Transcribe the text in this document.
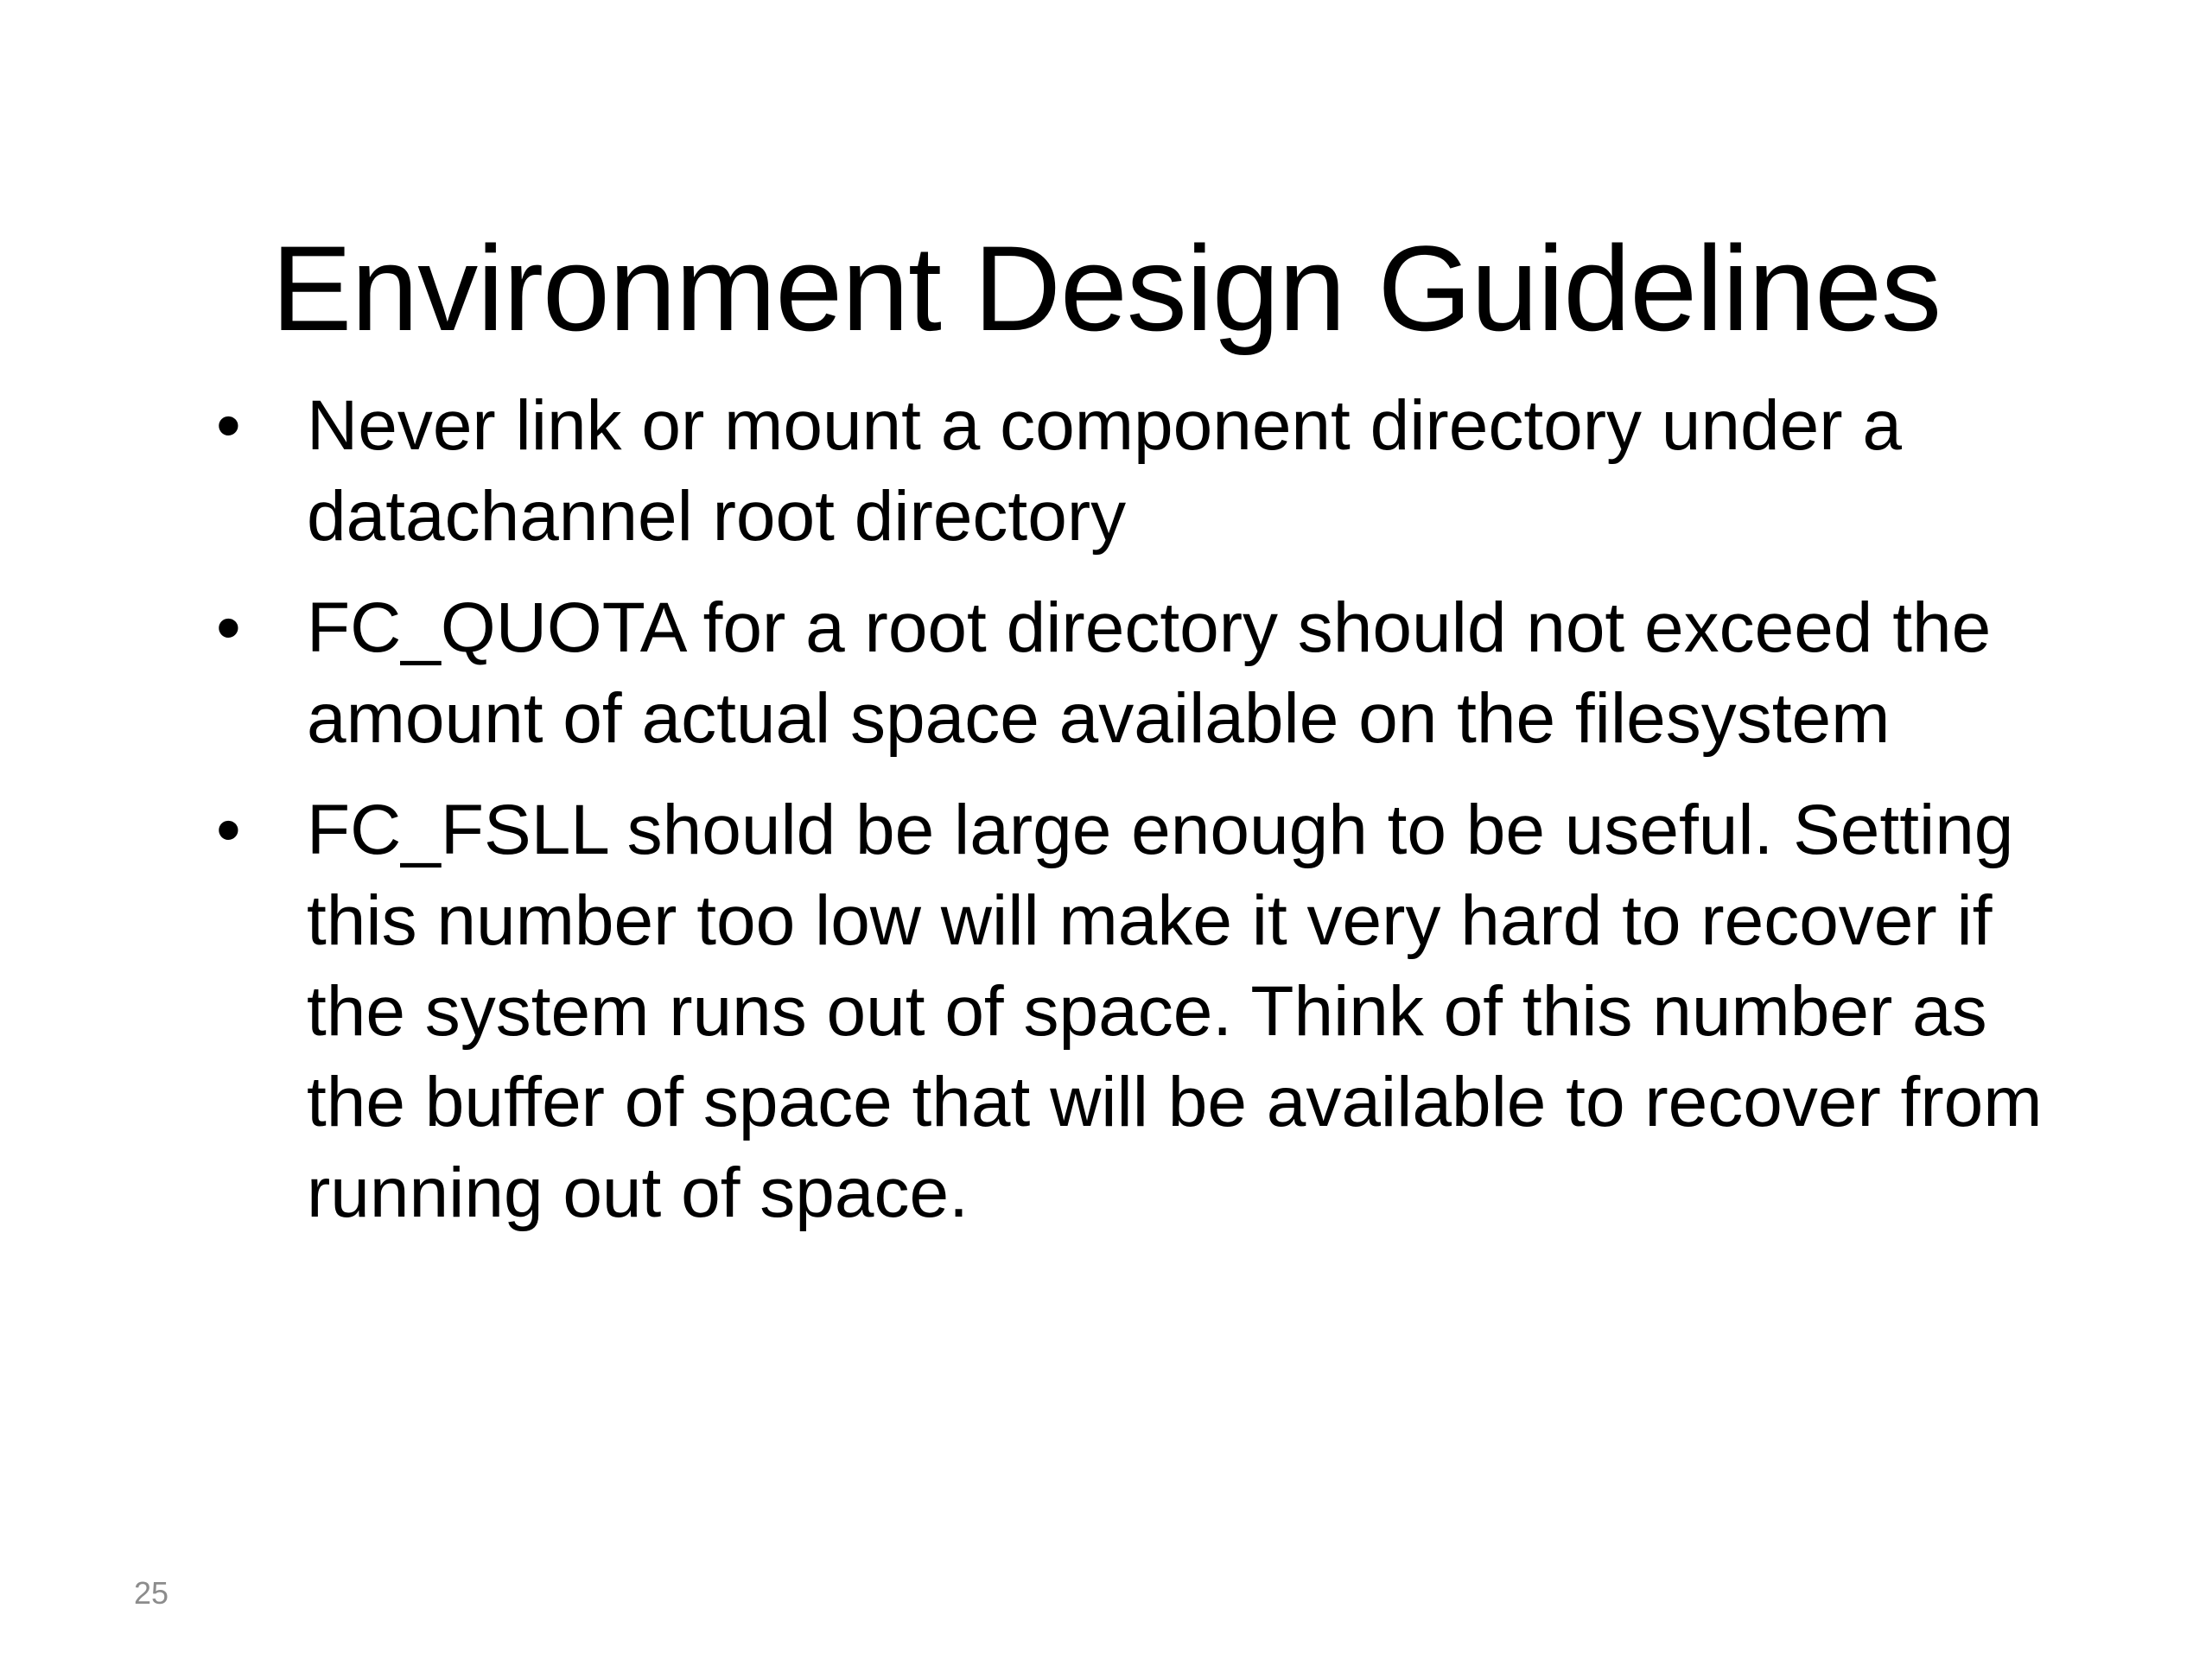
Environment Design Guidelines
• Never link or mount a component directory under a datachannel root directory
• FC_QUOTA for a root directory should not exceed the amount of actual space available on the filesystem
• FC_FSLL should be large enough to be useful. Setting this number too low will make it very hard to recover if the system runs out of space. Think of this number as the buffer of space that will be available to recover from running out of space.
25
